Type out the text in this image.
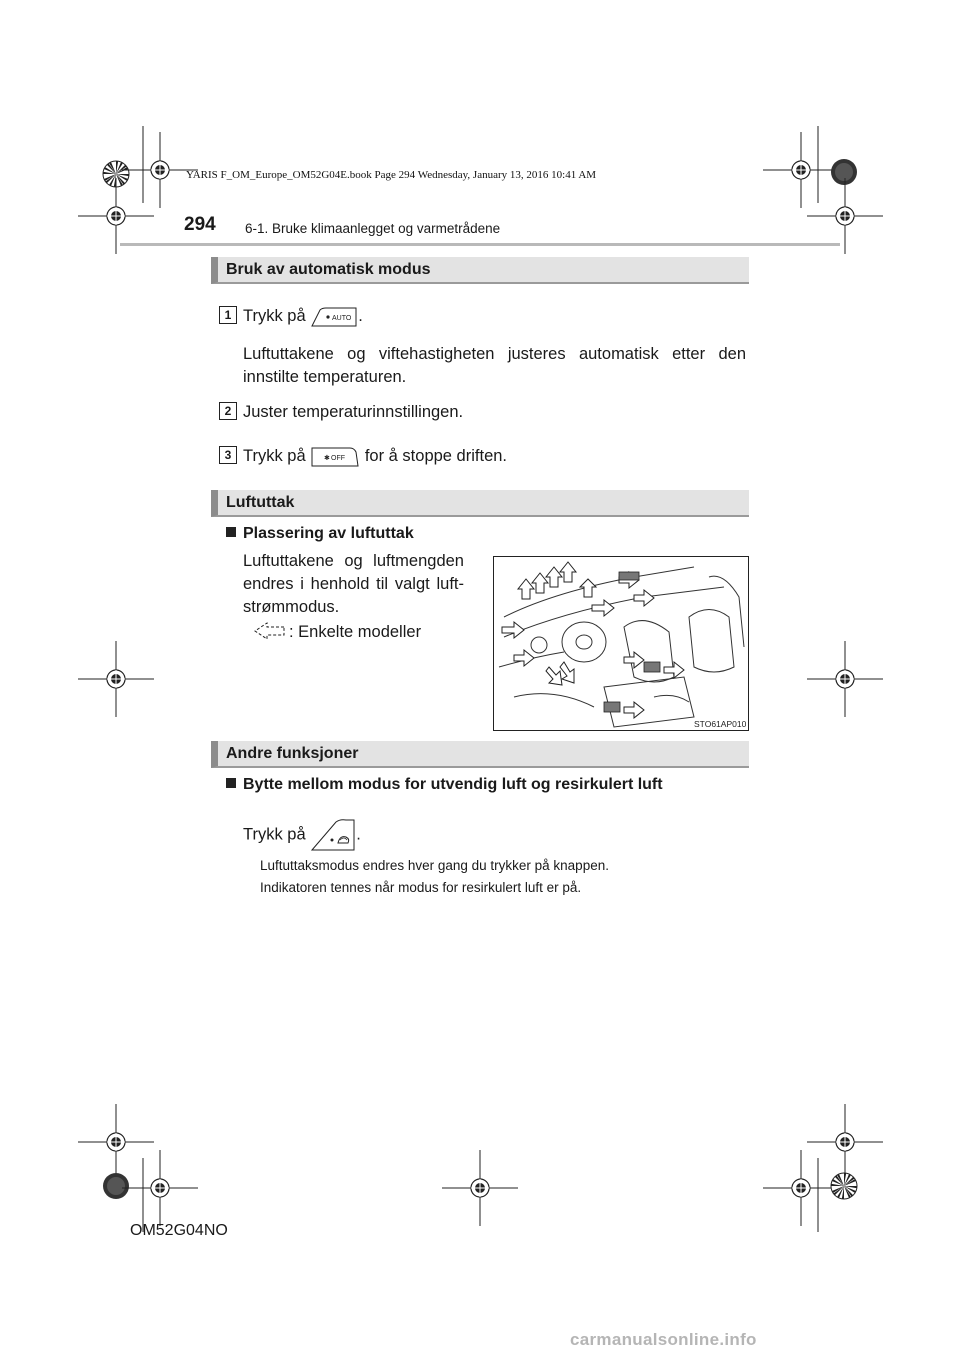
YARIS F_OM_Europe_OM52G04E.book Page 294 Wednesday, January 13, 2016 10:41 AM
294 6-1. Bruke klimaanlegget og varmetrådene
Bruk av automatisk modus
1 Trykk på	AUTO .
Luftuttakene og viftehastigheten justeres automatisk etter den innstilte temperaturen.
2 Juster temperaturinnstillingen.
3 Trykk på	✱ OFF for å stoppe driften.
Luftuttak
Plassering av luftuttak
Luftuttakene og luftmengden endres i henhold til valgt luft-strømmodus.
: Enkelte modeller
STO61AP010
Andre funksjoner
Bytte mellom modus for utvendig luft og resirkulert luft
Trykk på	.
Luftuttaksmodus endres hver gang du trykker på knappen.
Indikatoren tennes når modus for resirkulert luft er på.
OM52G04NO
carmanualsonline.info
